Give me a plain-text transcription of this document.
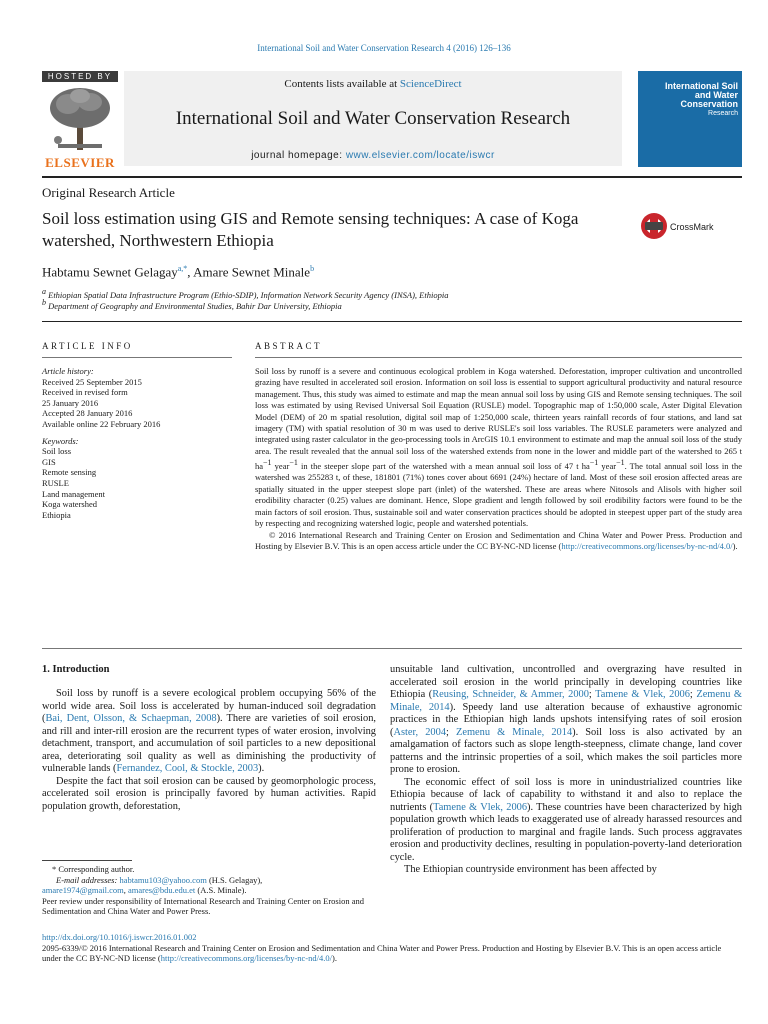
International Soil and Water Conservation Research 4 (2016) 126–136
HOSTED BY
ELSEVIER
Contents lists available at ScienceDirect
International Soil and Water Conservation Research
journal homepage: www.elsevier.com/locate/iswcr
International Soil
and Water
Conservation
Research
Original Research Article
Soil loss estimation using GIS and Remote sensing techniques: A case of Koga watershed, Northwestern Ethiopia
CrossMark
Habtamu Sewnet Gelagay$^{a,*}$, Amare Sewnet Minale$^b$
$^a$ Ethiopian Spatial Data Infrastructure Program (Ethio-SDIP), Information Network Security Agency (INSA), Ethiopia
$^b$ Department of Geography and Environmental Studies, Bahir Dar University, Ethiopia
ARTICLE INFO	ABSTRACT
Article history:
Received 25 September 2015
Received in revised form
25 January 2016
Accepted 28 January 2016
Available online 22 February 2016
Keywords:
Soil loss
GIS
Remote sensing
RUSLE
Land management
Koga watershed
Ethiopia

Soil loss by runoff is a severe and continuous ecological problem in Koga watershed. Deforestation, improper cultivation and uncontrolled grazing have resulted in accelerated soil erosion. Information on soil loss is essential to support agricultural productivity and natural resource management. Thus, this study was aimed to estimate and map the mean annual soil loss by using GIS and Remote sensing techniques. The soil loss was estimated by using Revised Universal Soil Equation (RUSLE) model. Topographic map of 1:50,000 scale, Aster Digital Elevation Model (DEM) of 20 m spatial resolution, digital soil map of 1:250,000 scale, thirteen years rainfall records of four stations, and land sat imagery (TM) with spatial resolution of 30 m was used to derive RUSLE's soil loss variables. The RUSLE parameters were analyzed and integrated using raster calculator in the geo-processing tools in ArcGIS 10.1 environment to estimate and map the annual soil loss of the study area. The result revealed that the annual soil loss of the watershed extends from none in the lower and middle part of the watershed to 265 t $ha^{-1}$ year$^{-1}$ in the steeper slope part of the watershed with a mean annual soil loss of 47 t $ha^{-1}$ year$^{-1}$. The total annual soil loss in the watershed was 255283 t, of these, 181801 (71%) tones cover about 6691 (24%) hectare of land. Most of these soil erosion affected areas are spatially situated in the upper steepest slope part (inlet) of the watershed. These are areas where Nitosols and Alisols with higher soil erodibility character (0.25) values are dominant. Hence, Slope gradient and length followed by soil erodibility factors were found to be the main factors of soil erosion. Thus, sustainable soil and water conservation practices should be adopted in steepest upper part of the study area by respecting and recognizing watershed logic, people and watershed potentials.

© 2016 International Research and Training Center on Erosion and Sedimentation and China Water and Power Press. Production and Hosting by Elsevier B.V. This is an open access article under the CC BY-NC-ND license (http://creativecommons.org/licenses/by-nc-nd/4.0/).

1. Introduction

Soil loss by runoff is a severe ecological problem occupying 56% of the world wide area. Soil loss is accelerated by human-induced soil degradation (Bai, Dent, Olsson, & Schaepman, 2008). There are varieties of soil erosion, and rill and inter-rill erosion are the recurrent types of water erosion, involving detachment, transport, and accumulation of soil particles to a new depositional area, deteriorating soil quality as well as diminishing the productivity of vulnerable lands (Fernandez, Cool, & Stockle, 2003).

Despite the fact that soil erosion can be caused by geomorphologic process, accelerated soil erosion is principally favored by human activities. Rapid population growth, deforestation,

unsuitable land cultivation, uncontrolled and overgrazing have resulted in accelerated soil erosion in the world principally in developing countries like Ethiopia (Reusing, Schneider, & Ammer, 2000; Tamene & Vlek, 2006; Zemenu & Minale, 2014). Speedy land use alteration because of exhaustive agronomic practices in the Ethiopian high lands upshots intensifying rates of soil erosion (Aster, 2004; Zemenu & Minale, 2014). Soil loss is also activated by an amalgamation of factors such as slope length-steepness, climate change, land cover patterns and the intrinsic properties of a soil, which makes the soil particles more prone to erosion.

The economic effect of soil loss is more in unindustrialized countries like Ethiopia because of lack of capability to withstand it and also to replace the nutrients (Tamene & Vlek, 2006). These countries have been characterized by high population growth which leads to exaggerated use of already harassed resources and proliferation of production to marginal and fragile lands. Such process aggravates erosion and productivity declines, resulting in population-poverty-land deterioration cycle.

The Ethiopian countryside environment has been affected by

* Corresponding author.

E-mail addresses: habtamu103@yahoo.com (H.S. Gelagay),

amare1974@gmail.com, amares@bdu.edu.et (A.S. Minale).

Peer review under responsibility of International Research and Training Center on Erosion and Sedimentation and China Water and Power Press.

http://dx.doi.org/10.1016/j.iswcr.2016.01.002

2095-6339/© 2016 International Research and Training Center on Erosion and Sedimentation and China Water and Power Press. Production and Hosting by Elsevier B.V. This is an open access article under the CC BY-NC-ND license (http://creativecommons.org/licenses/by-nc-nd/4.0/).
